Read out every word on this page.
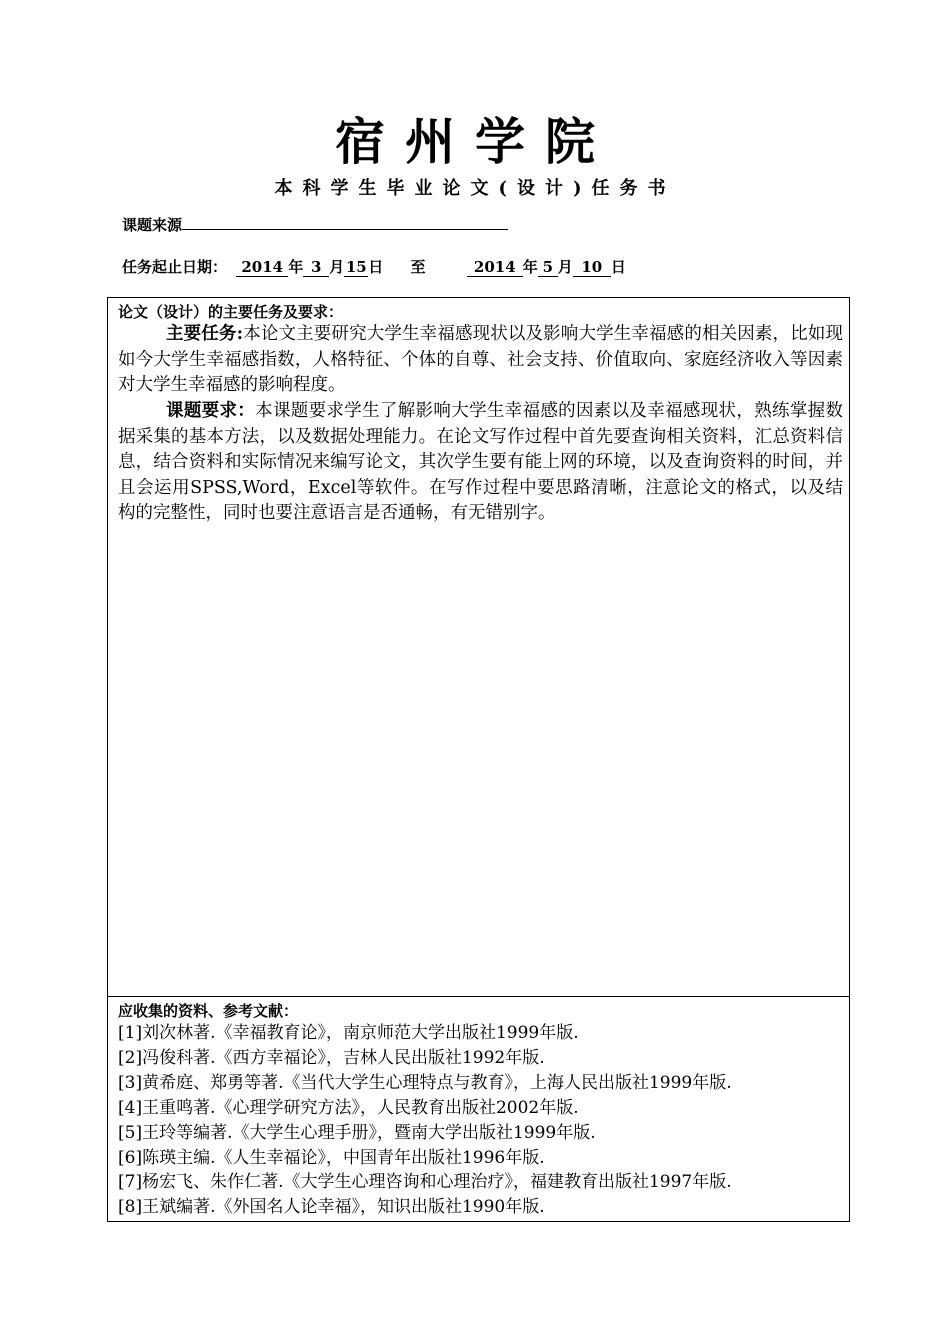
宿州学院
本科学生毕业论文(设计)任务书
课题来源
任务起止日期： 2014 年 3 月 15 日 至	2014 年 5 月 10 日
论文（设计）的主要任务及要求：

主要任务:本论文主要研究大学生幸福感现状以及影响大学生幸福感的相关因素，比如现如今大学生幸福感指数，人格特征、个体的自尊、社会支持、价值取向、家庭经济收入等因素对大学生幸福感的影响程度。

课题要求：本课题要求学生了解影响大学生幸福感的因素以及幸福感现状，熟练掌握数据采集的基本方法，以及数据处理能力。在论文写作过程中首先要查询相关资料，汇总资料信息，结合资料和实际情况来编写论文，其次学生要有能上网的环境，以及查询资料的时间，并且会运用SPSS,Word，Excel等软件。在写作过程中要思路清晰，注意论文的格式，以及结构的完整性，同时也要注意语言是否通畅，有无错别字。

应收集的资料、参考文献：
[1]刘次林著.《幸福教育论》，南京师范大学出版社1999年版.
[2]冯俊科著.《西方幸福论》，吉林人民出版社1992年版.
[3]黄希庭、郑勇等著.《当代大学生心理特点与教育》，上海人民出版社1999年版.
[4]王重鸣著.《心理学研究方法》，人民教育出版社2002年版.
[5]王玲等编著.《大学生心理手册》，暨南大学出版社1999年版.
[6]陈瑛主编.《人生幸福论》，中国青年出版社1996年版.
[7]杨宏飞、朱作仁著.《大学生心理咨询和心理治疗》，福建教育出版社1997年版.
[8]王斌编著.《外国名人论幸福》，知识出版社1990年版.
